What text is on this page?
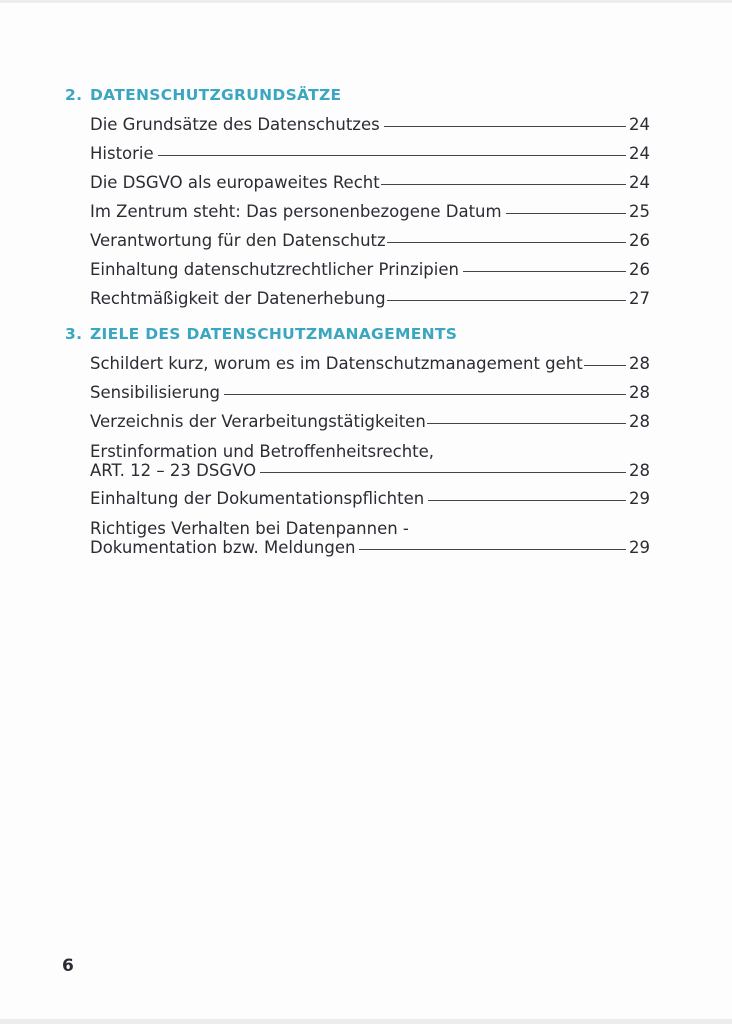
2. DATENSCHUTZGRUNDSÄTZE
Die Grundsätze des Datenschutzes	24
Historie	24
Die DSGVO als europaweites Recht	24
Im Zentrum steht: Das personenbezogene Datum	25
Verantwortung für den Datenschutz	26
Einhaltung datenschutzrechtlicher Prinzipien	26
Rechtmäßigkeit der Datenerhebung	27
3. ZIELE DES DATENSCHUTZMANAGEMENTS
Schildert kurz, worum es im Datenschutzmanagement geht	28
Sensibilisierung	28
Verzeichnis der Verarbeitungstätigkeiten	28
Erstinformation und Betroffenheitsrechte,
ART. 12 – 23 DSGVO	28
Einhaltung der Dokumentationspflichten	29
Richtiges Verhalten bei Datenpannen -
Dokumentation bzw. Meldungen	29
6
